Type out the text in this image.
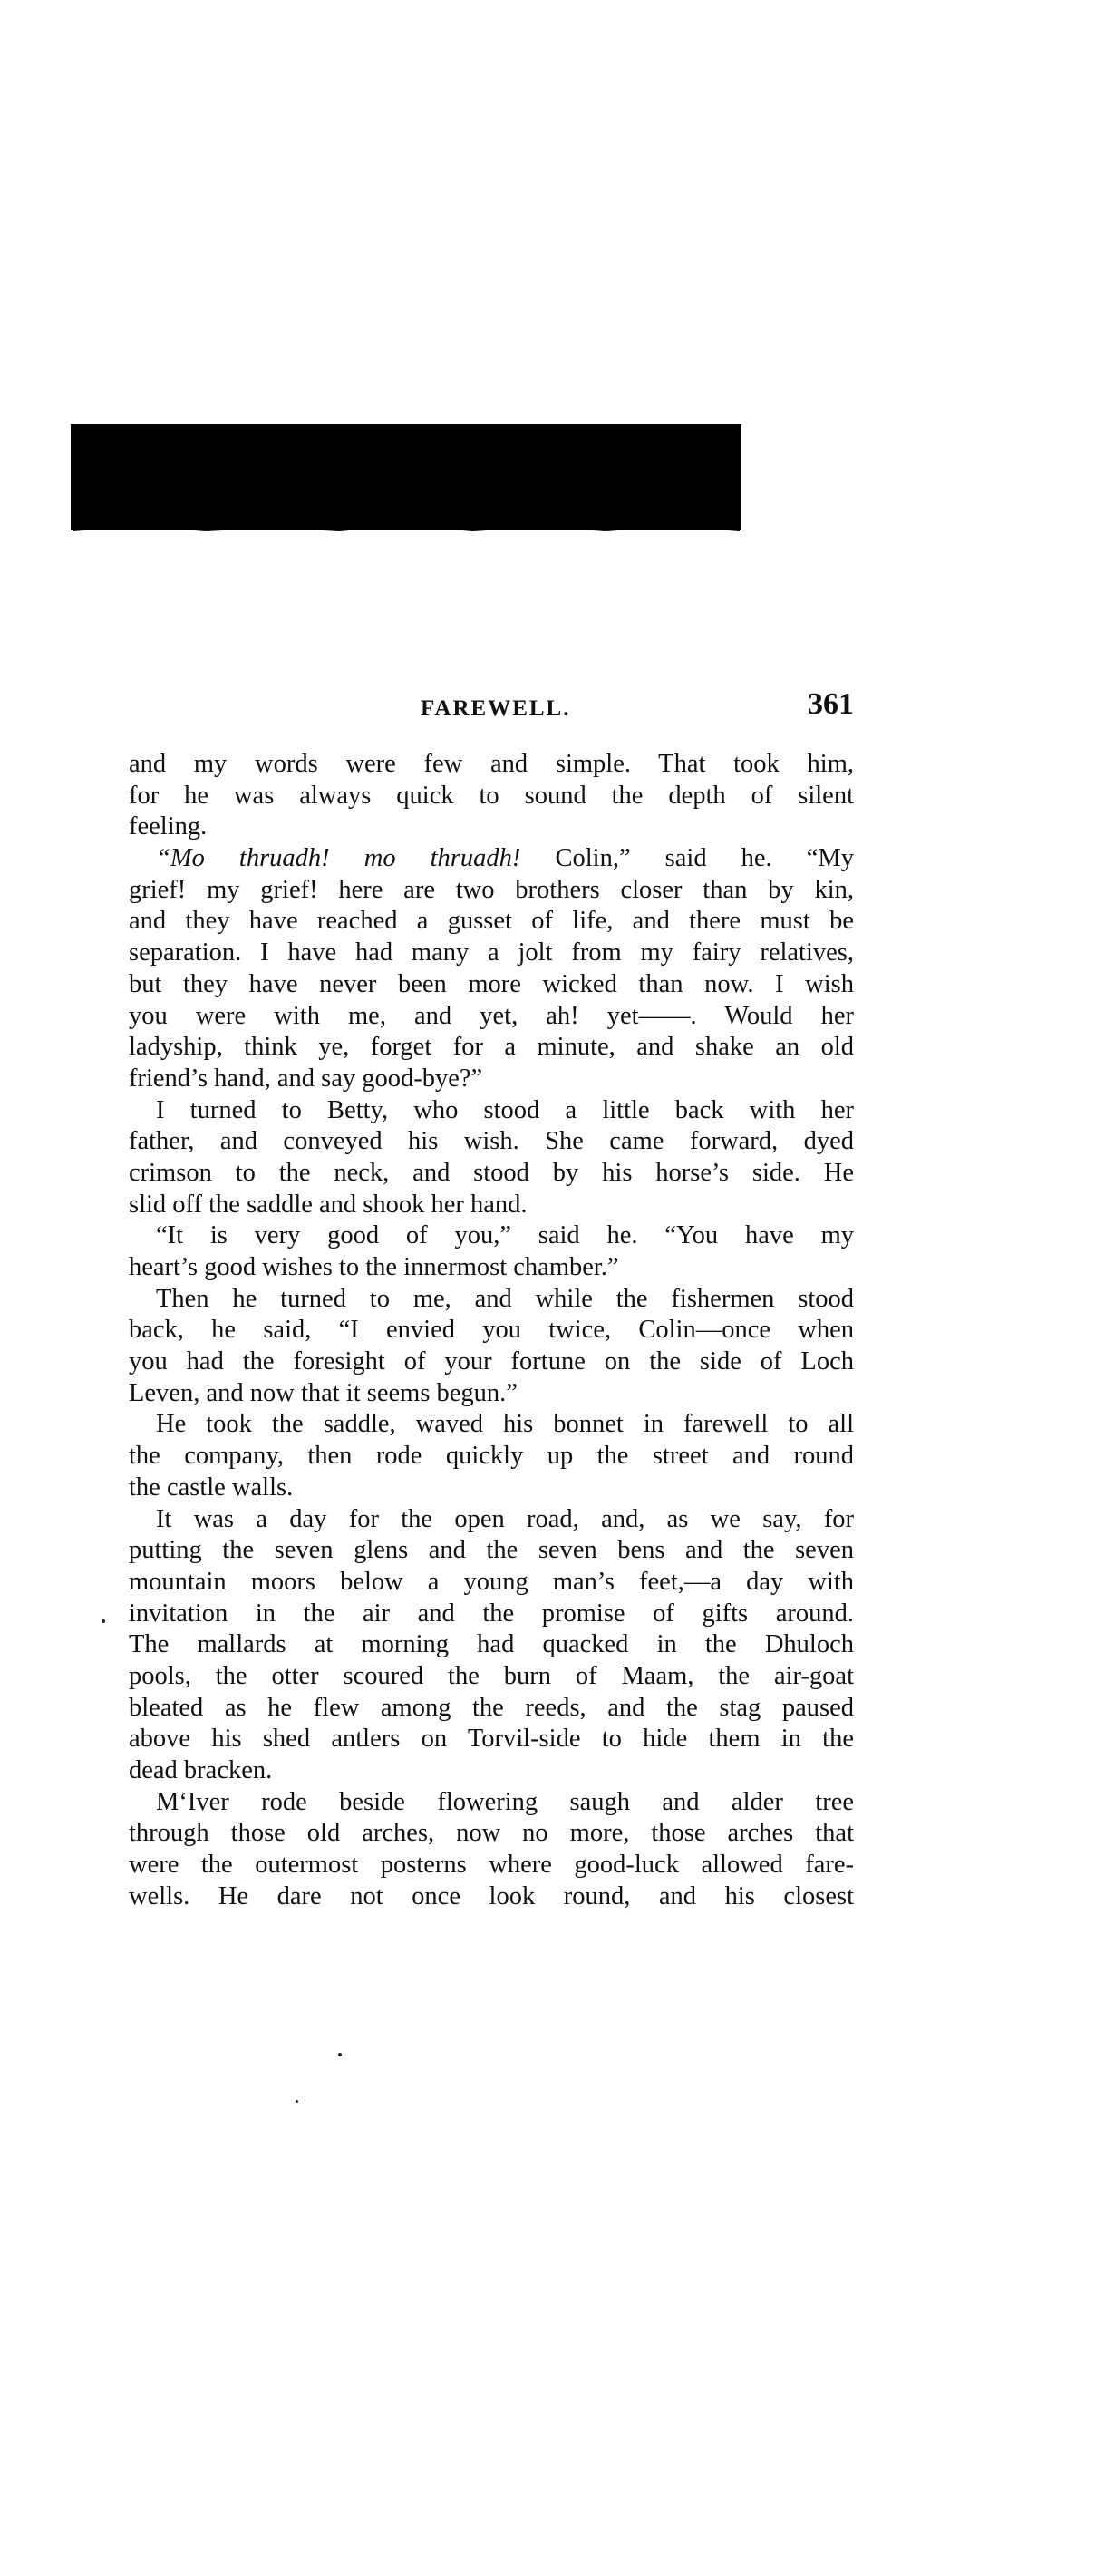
FAREWELL.	361
and my words were few and simple. That took him,
for he was always quick to sound the depth of silent
feeling.
“Mo thruadh! mo thruadh! Colin,” said he. “My
grief! my grief! here are two brothers closer than by kin,
and they have reached a gusset of life, and there must be
separation. I have had many a jolt from my fairy relatives,
but they have never been more wicked than now. I wish
you were with me, and yet, ah! yet——. Would her
ladyship, think ye, forget for a minute, and shake an old
friend’s hand, and say good-bye?”
I turned to Betty, who stood a little back with her
father, and conveyed his wish. She came forward, dyed
crimson to the neck, and stood by his horse’s side. He
slid off the saddle and shook her hand.
“It is very good of you,” said he. “You have my
heart’s good wishes to the innermost chamber.”
Then he turned to me, and while the fishermen stood
back, he said, “I envied you twice, Colin—once when
you had the foresight of your fortune on the side of Loch
Leven, and now that it seems begun.”
He took the saddle, waved his bonnet in farewell to all
the company, then rode quickly up the street and round
the castle walls.
It was a day for the open road, and, as we say, for
putting the seven glens and the seven bens and the seven
mountain moors below a young man’s feet,—a day with
invitation in the air and the promise of gifts around.
The mallards at morning had quacked in the Dhuloch
pools, the otter scoured the burn of Maam, the air-goat
bleated as he flew among the reeds, and the stag paused
above his shed antlers on Torvil-side to hide them in the
dead bracken.
M‘Iver rode beside flowering saugh and alder tree
through those old arches, now no more, those arches that
were the outermost posterns where good-luck allowed fare-
wells. He dare not once look round, and his closest
